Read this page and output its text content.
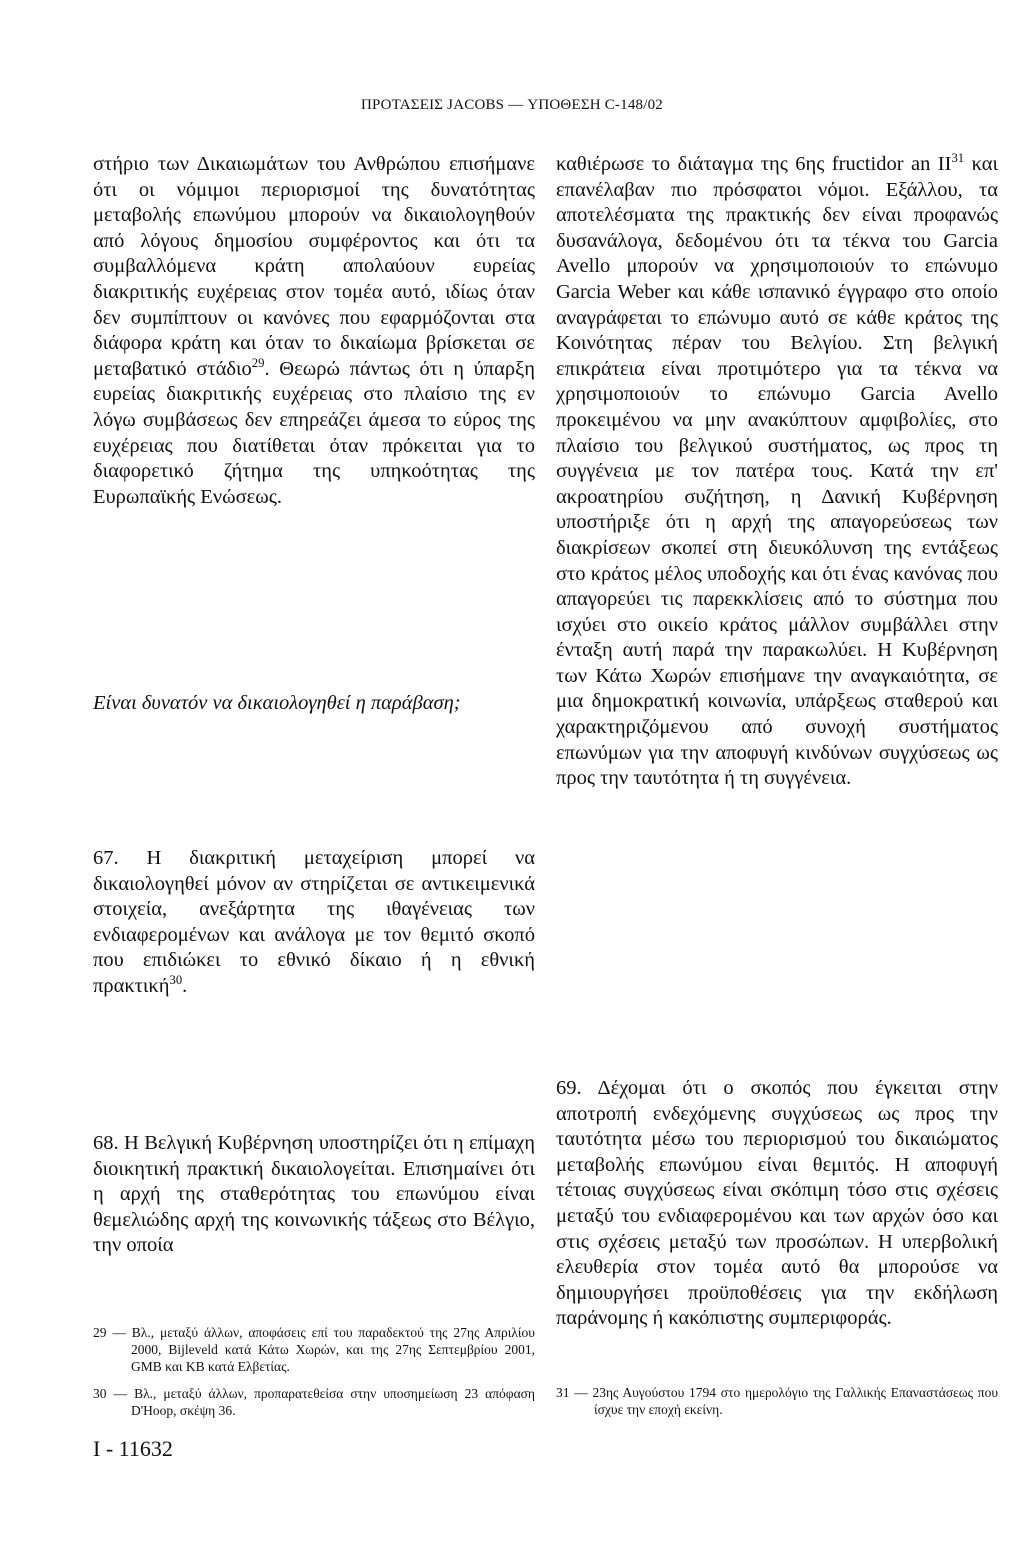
ΠΡΟΤΑΣΕΙΣ JACOBS — ΥΠΟΘΕΣΗ C-148/02

στήριο των Δικαιωμάτων του Ανθρώπου επισήμανε ότι οι νόμιμοι περιορισμοί της δυνατότητας μεταβολής επωνύμου μπορούν να δικαιολογηθούν από λόγους δημοσίου συμφέροντος και ότι τα συμβαλλόμενα κράτη απολαύουν ευρείας διακριτικής ευχέρειας στον τομέα αυτό, ιδίως όταν δεν συμπίπτουν οι κανόνες που εφαρμόζονται στα διάφορα κράτη και όταν το δικαίωμα βρίσκεται σε μεταβατικό στάδιο$^{29}$. Θεωρώ πάντως ότι η ύπαρξη ευρείας διακριτικής ευχέρειας στο πλαίσιο της εν λόγω συμβάσεως δεν επηρεάζει άμεσα το εύρος της ευχέρειας που διατίθεται όταν πρόκειται για το διαφορετικό ζήτημα της υπηκοότητας της Ευρωπαϊκής Ενώσεως.

Είναι δυνατόν να δικαιολογηθεί η παράβαση;

67. Η διακριτική μεταχείριση μπορεί να δικαιολογηθεί μόνον αν στηρίζεται σε αντικειμενικά στοιχεία, ανεξάρτητα της ιθαγένειας των ενδιαφερομένων και ανάλογα με τον θεμιτό σκοπό που επιδιώκει το εθνικό δίκαιο ή η εθνική πρακτική$^{30}$.

68. Η Βελγική Κυβέρνηση υποστηρίζει ότι η επίμαχη διοικητική πρακτική δικαιολογείται. Επισημαίνει ότι η αρχή της σταθερότητας του επωνύμου είναι θεμελιώδης αρχή της κοινωνικής τάξεως στο Βέλγιο, την οποία

29 — Βλ., μεταξύ άλλων, αποφάσεις επί του παραδεκτού της 27ης Απριλίου 2000, Bijleveld κατά Κάτω Χωρών, και της 27ης Σεπτεμβρίου 2001, GMB και KB κατά Ελβετίας.

30 — Βλ., μεταξύ άλλων, προπαρατεθείσα στην υποσημείωση 23 απόφαση D'Hoop, σκέψη 36.

I - 11632

καθιέρωσε το διάταγμα της 6ης fructidor an II$^{31}$ και επανέλαβαν πιο πρόσφατοι νόμοι. Εξάλλου, τα αποτελέσματα της πρακτικής δεν είναι προφανώς δυσανάλογα, δεδομένου ότι τα τέκνα του Garcia Avello μπορούν να χρησιμοποιούν το επώνυμο Garcia Weber και κάθε ισπανικό έγγραφο στο οποίο αναγράφεται το επώνυμο αυτό σε κάθε κράτος της Κοινότητας πέραν του Βελγίου. Στη βελγική επικράτεια είναι προτιμότερο για τα τέκνα να χρησιμοποιούν το επώνυμο Garcia Avello προκειμένου να μην ανακύπτουν αμφιβολίες, στο πλαίσιο του βελγικού συστήματος, ως προς τη συγγένεια με τον πατέρα τους. Κατά την επ' ακροατηρίου συζήτηση, η Δανική Κυβέρνηση υποστήριξε ότι η αρχή της απαγορεύσεως των διακρίσεων σκοπεί στη διευκόλυνση της εντάξεως στο κράτος μέλος υποδοχής και ότι ένας κανόνας που απαγορεύει τις παρεκκλίσεις από το σύστημα που ισχύει στο οικείο κράτος μάλλον συμβάλλει στην ένταξη αυτή παρά την παρακωλύει. Η Κυβέρνηση των Κάτω Χωρών επισήμανε την αναγκαιότητα, σε μια δημοκρατική κοινωνία, υπάρξεως σταθερού και χαρακτηριζόμενου από συνοχή συστήματος επωνύμων για την αποφυγή κινδύνων συγχύσεως ως προς την ταυτότητα ή τη συγγένεια.

69. Δέχομαι ότι ο σκοπός που έγκειται στην αποτροπή ενδεχόμενης συγχύσεως ως προς την ταυτότητα μέσω του περιορισμού του δικαιώματος μεταβολής επωνύμου είναι θεμιτός. Η αποφυγή τέτοιας συγχύσεως είναι σκόπιμη τόσο στις σχέσεις μεταξύ του ενδιαφερομένου και των αρχών όσο και στις σχέσεις μεταξύ των προσώπων. Η υπερβολική ελευθερία στον τομέα αυτό θα μπορούσε να δημιουργήσει προϋποθέσεις για την εκδήλωση παράνομης ή κακόπιστης συμπεριφοράς.

31 — 23ης Αυγούστου 1794 στο ημερολόγιο της Γαλλικής Επαναστάσεως που ίσχυε την εποχή εκείνη.
